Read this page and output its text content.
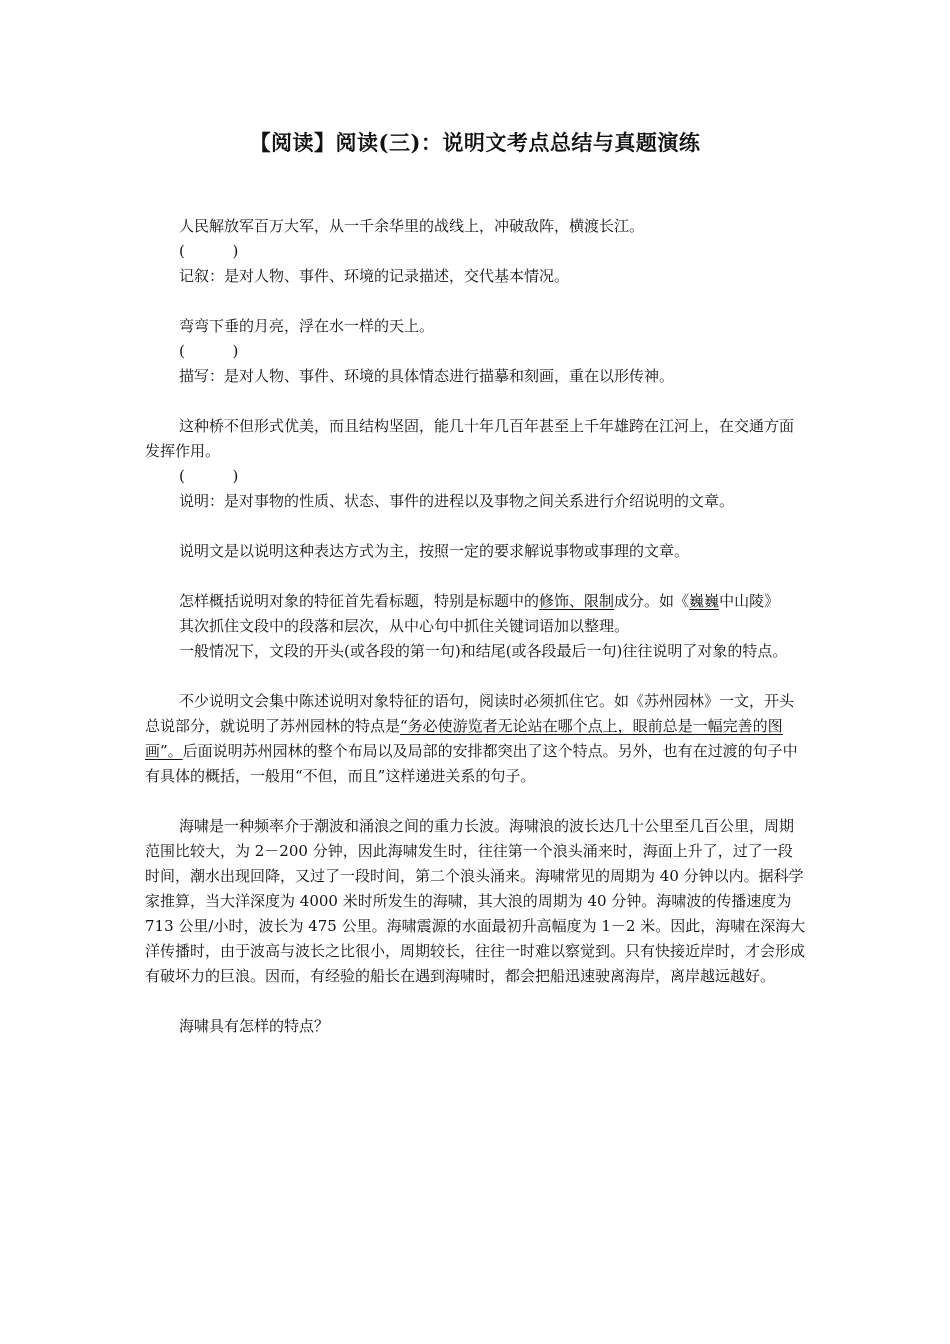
【阅读】阅读(三)：说明文考点总结与真题演练

人民解放军百万大军，从一千余华里的战线上，冲破敌阵，横渡长江。

(          )

记叙：是对人物、事件、环境的记录描述，交代基本情况。

弯弯下垂的月亮，浮在水一样的天上。

(          )

描写：是对人物、事件、环境的具体情态进行描摹和刻画，重在以形传神。

这种桥不但形式优美，而且结构坚固，能几十年几百年甚至上千年雄跨在江河上，在交通方面发挥作用。

(          )

说明：是对事物的性质、状态、事件的进程以及事物之间关系进行介绍说明的文章。

说明文是以说明这种表达方式为主，按照一定的要求解说事物或事理的文章。

怎样概括说明对象的特征首先看标题，特别是标题中的修饰、限制成分。如《巍巍中山陵》

其次抓住文段中的段落和层次，从中心句中抓住关键词语加以整理。

一般情况下，文段的开头(或各段的第一句)和结尾(或各段最后一句)往往说明了对象的特点。

不少说明文会集中陈述说明对象特征的语句，阅读时必须抓住它。如《苏州园林》一文，开头总说部分，就说明了苏州园林的特点是“务必使游览者无论站在哪个点上，眼前总是一幅完善的图画”。后面说明苏州园林的整个布局以及局部的安排都突出了这个特点。另外，也有在过渡的句子中有具体的概括，一般用“不但，而且”这样递进关系的句子。

海啸是一种频率介于潮波和涌浪之间的重力长波。海啸浪的波长达几十公里至几百公里，周期范围比较大，为 2－200 分钟，因此海啸发生时，往往第一个浪头涌来时，海面上升了，过了一段时间，潮水出现回降，又过了一段时间，第二个浪头涌来。海啸常见的周期为 40 分钟以内。据科学家推算，当大洋深度为 4000 米时所发生的海啸，其大浪的周期为 40 分钟。海啸波的传播速度为 713 公里/小时，波长为 475 公里。海啸震源的水面最初升高幅度为 1－2 米。因此，海啸在深海大洋传播时，由于波高与波长之比很小，周期较长，往往一时难以察觉到。只有快接近岸时，才会形成有破坏力的巨浪。因而，有经验的船长在遇到海啸时，都会把船迅速驶离海岸，离岸越远越好。

海啸具有怎样的特点？
